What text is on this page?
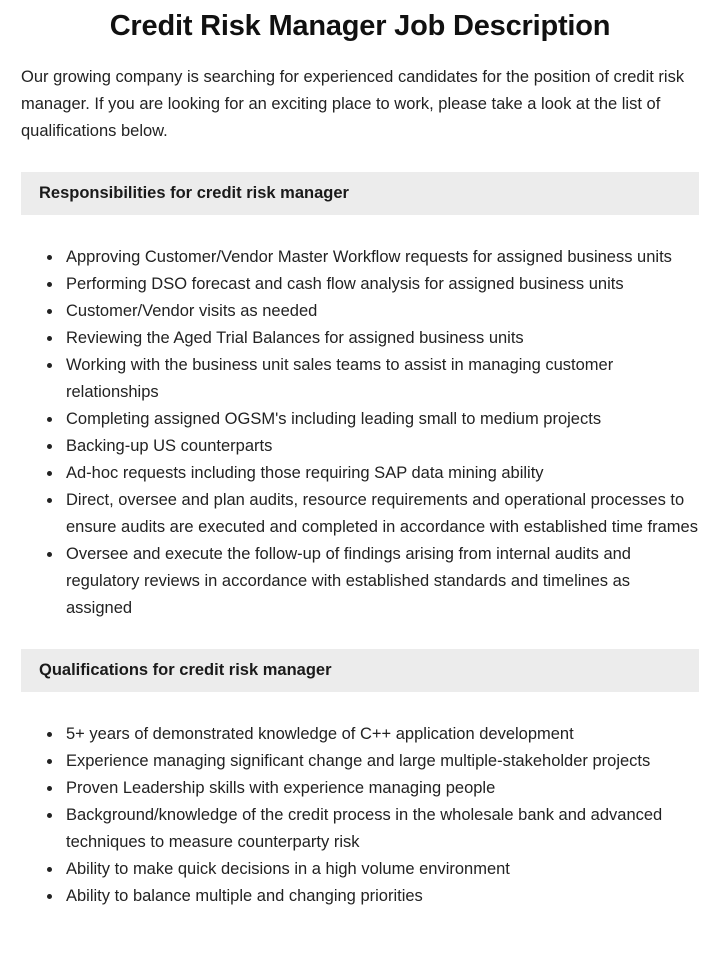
Credit Risk Manager Job Description

Our growing company is searching for experienced candidates for the position of credit risk manager. If you are looking for an exciting place to work, please take a look at the list of qualifications below.

Responsibilities for credit risk manager
• Approving Customer/Vendor Master Workflow requests for assigned business units
• Performing DSO forecast and cash flow analysis for assigned business units
• Customer/Vendor visits as needed
• Reviewing the Aged Trial Balances for assigned business units
• Working with the business unit sales teams to assist in managing customer relationships
• Completing assigned OGSM's including leading small to medium projects
• Backing-up US counterparts
• Ad-hoc requests including those requiring SAP data mining ability
• Direct, oversee and plan audits, resource requirements and operational processes to ensure audits are executed and completed in accordance with established time frames
• Oversee and execute the follow-up of findings arising from internal audits and regulatory reviews in accordance with established standards and timelines as assigned
Qualifications for credit risk manager
• 5+ years of demonstrated knowledge of C++ application development
• Experience managing significant change and large multiple-stakeholder projects
• Proven Leadership skills with experience managing people
• Background/knowledge of the credit process in the wholesale bank and advanced techniques to measure counterparty risk
• Ability to make quick decisions in a high volume environment
• Ability to balance multiple and changing priorities
